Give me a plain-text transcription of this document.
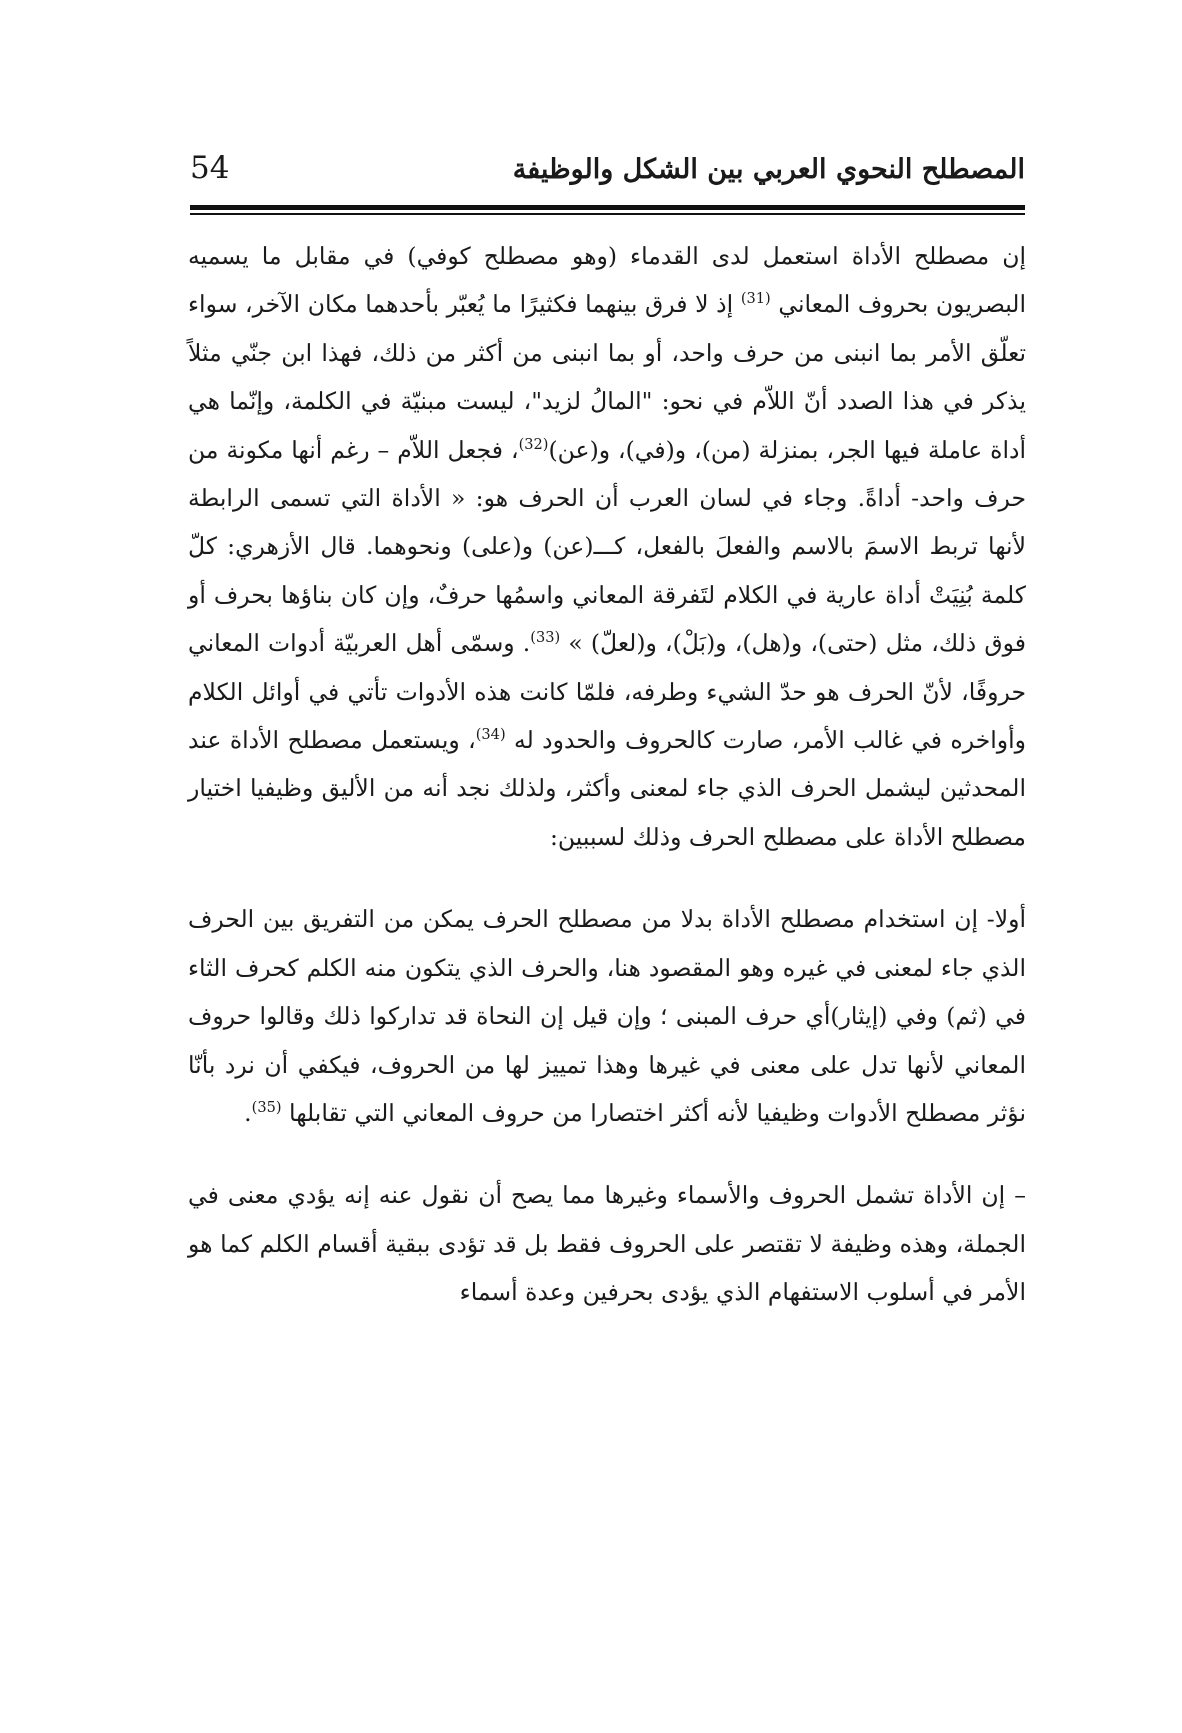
المصطلح النحوي العربي بين الشكل والوظيفة
54

إن مصطلح الأداة استعمل لدى القدماء (وهو مصطلح كوفي) في مقابل ما يسميه البصريون بحروف المعاني $^{(31)}$ إذ لا فرق بينهما فكثيرًا ما يُعبّر بأحدهما مكان الآخر، سواء تعلّق الأمر بما انبنى من حرف واحد، أو بما انبنى من أكثر من ذلك، فهذا ابن جنّي مثلاً يذكر في هذا الصدد أنّ اللاّم في نحو: "المالُ لزيد"، ليست مبنيّة في الكلمة، وإنّما هي أداة عاملة فيها الجر، بمنزلة (من)، و(في)، و(عن)$^{(32)}$، فجعل اللاّم – رغم أنها مكونة من حرف واحد- أداةً. وجاء في لسان العرب أن الحرف هو: « الأداة التي تسمى الرابطة لأنها تربط الاسمَ بالاسم والفعلَ بالفعل، كـــ(عن) و(على) ونحوهما. قال الأزهري: كلّ كلمة بُنِيَتْ أداة عارية في الكلام لتَفرقة المعاني واسمُها حرفٌ، وإن كان بناؤها بحرف أو فوق ذلك، مثل (حتى)، و(هل)، و(بَلْ)، و(لعلّ) » $^{(33)}$. وسمّى أهل العربيّة أدوات المعاني حروفًا، لأنّ الحرف هو حدّ الشيء وطرفه، فلمّا كانت هذه الأدوات تأتي في أوائل الكلام وأواخره في غالب الأمر، صارت كالحروف والحدود له $^{(34)}$، ويستعمل مصطلح الأداة عند المحدثين ليشمل الحرف الذي جاء لمعنى وأكثر، ولذلك نجد أنه من الأليق وظيفيا اختيار مصطلح الأداة على مصطلح الحرف وذلك لسببين:

أولا- إن استخدام مصطلح الأداة بدلا من مصطلح الحرف يمكن من التفريق بين الحرف الذي جاء لمعنى في غيره وهو المقصود هنا، والحرف الذي يتكون منه الكلم كحرف الثاء في (ثم) وفي (إيثار)أي حرف المبنى ؛ وإن قيل إن النحاة قد تداركوا ذلك وقالوا حروف المعاني لأنها تدل على معنى في غيرها وهذا تمييز لها من الحروف، فيكفي أن نرد بأنّا نؤثر مصطلح الأدوات وظيفيا لأنه أكثر اختصارا من حروف المعاني التي تقابلها $^{(35)}$.

– إن الأداة تشمل الحروف والأسماء وغيرها مما يصح أن نقول عنه إنه يؤدي معنى في الجملة، وهذه وظيفة لا تقتصر على الحروف فقط بل قد تؤدى ببقية أقسام الكلم كما هو الأمر في أسلوب الاستفهام الذي يؤدى بحرفين وعدة أسماء
